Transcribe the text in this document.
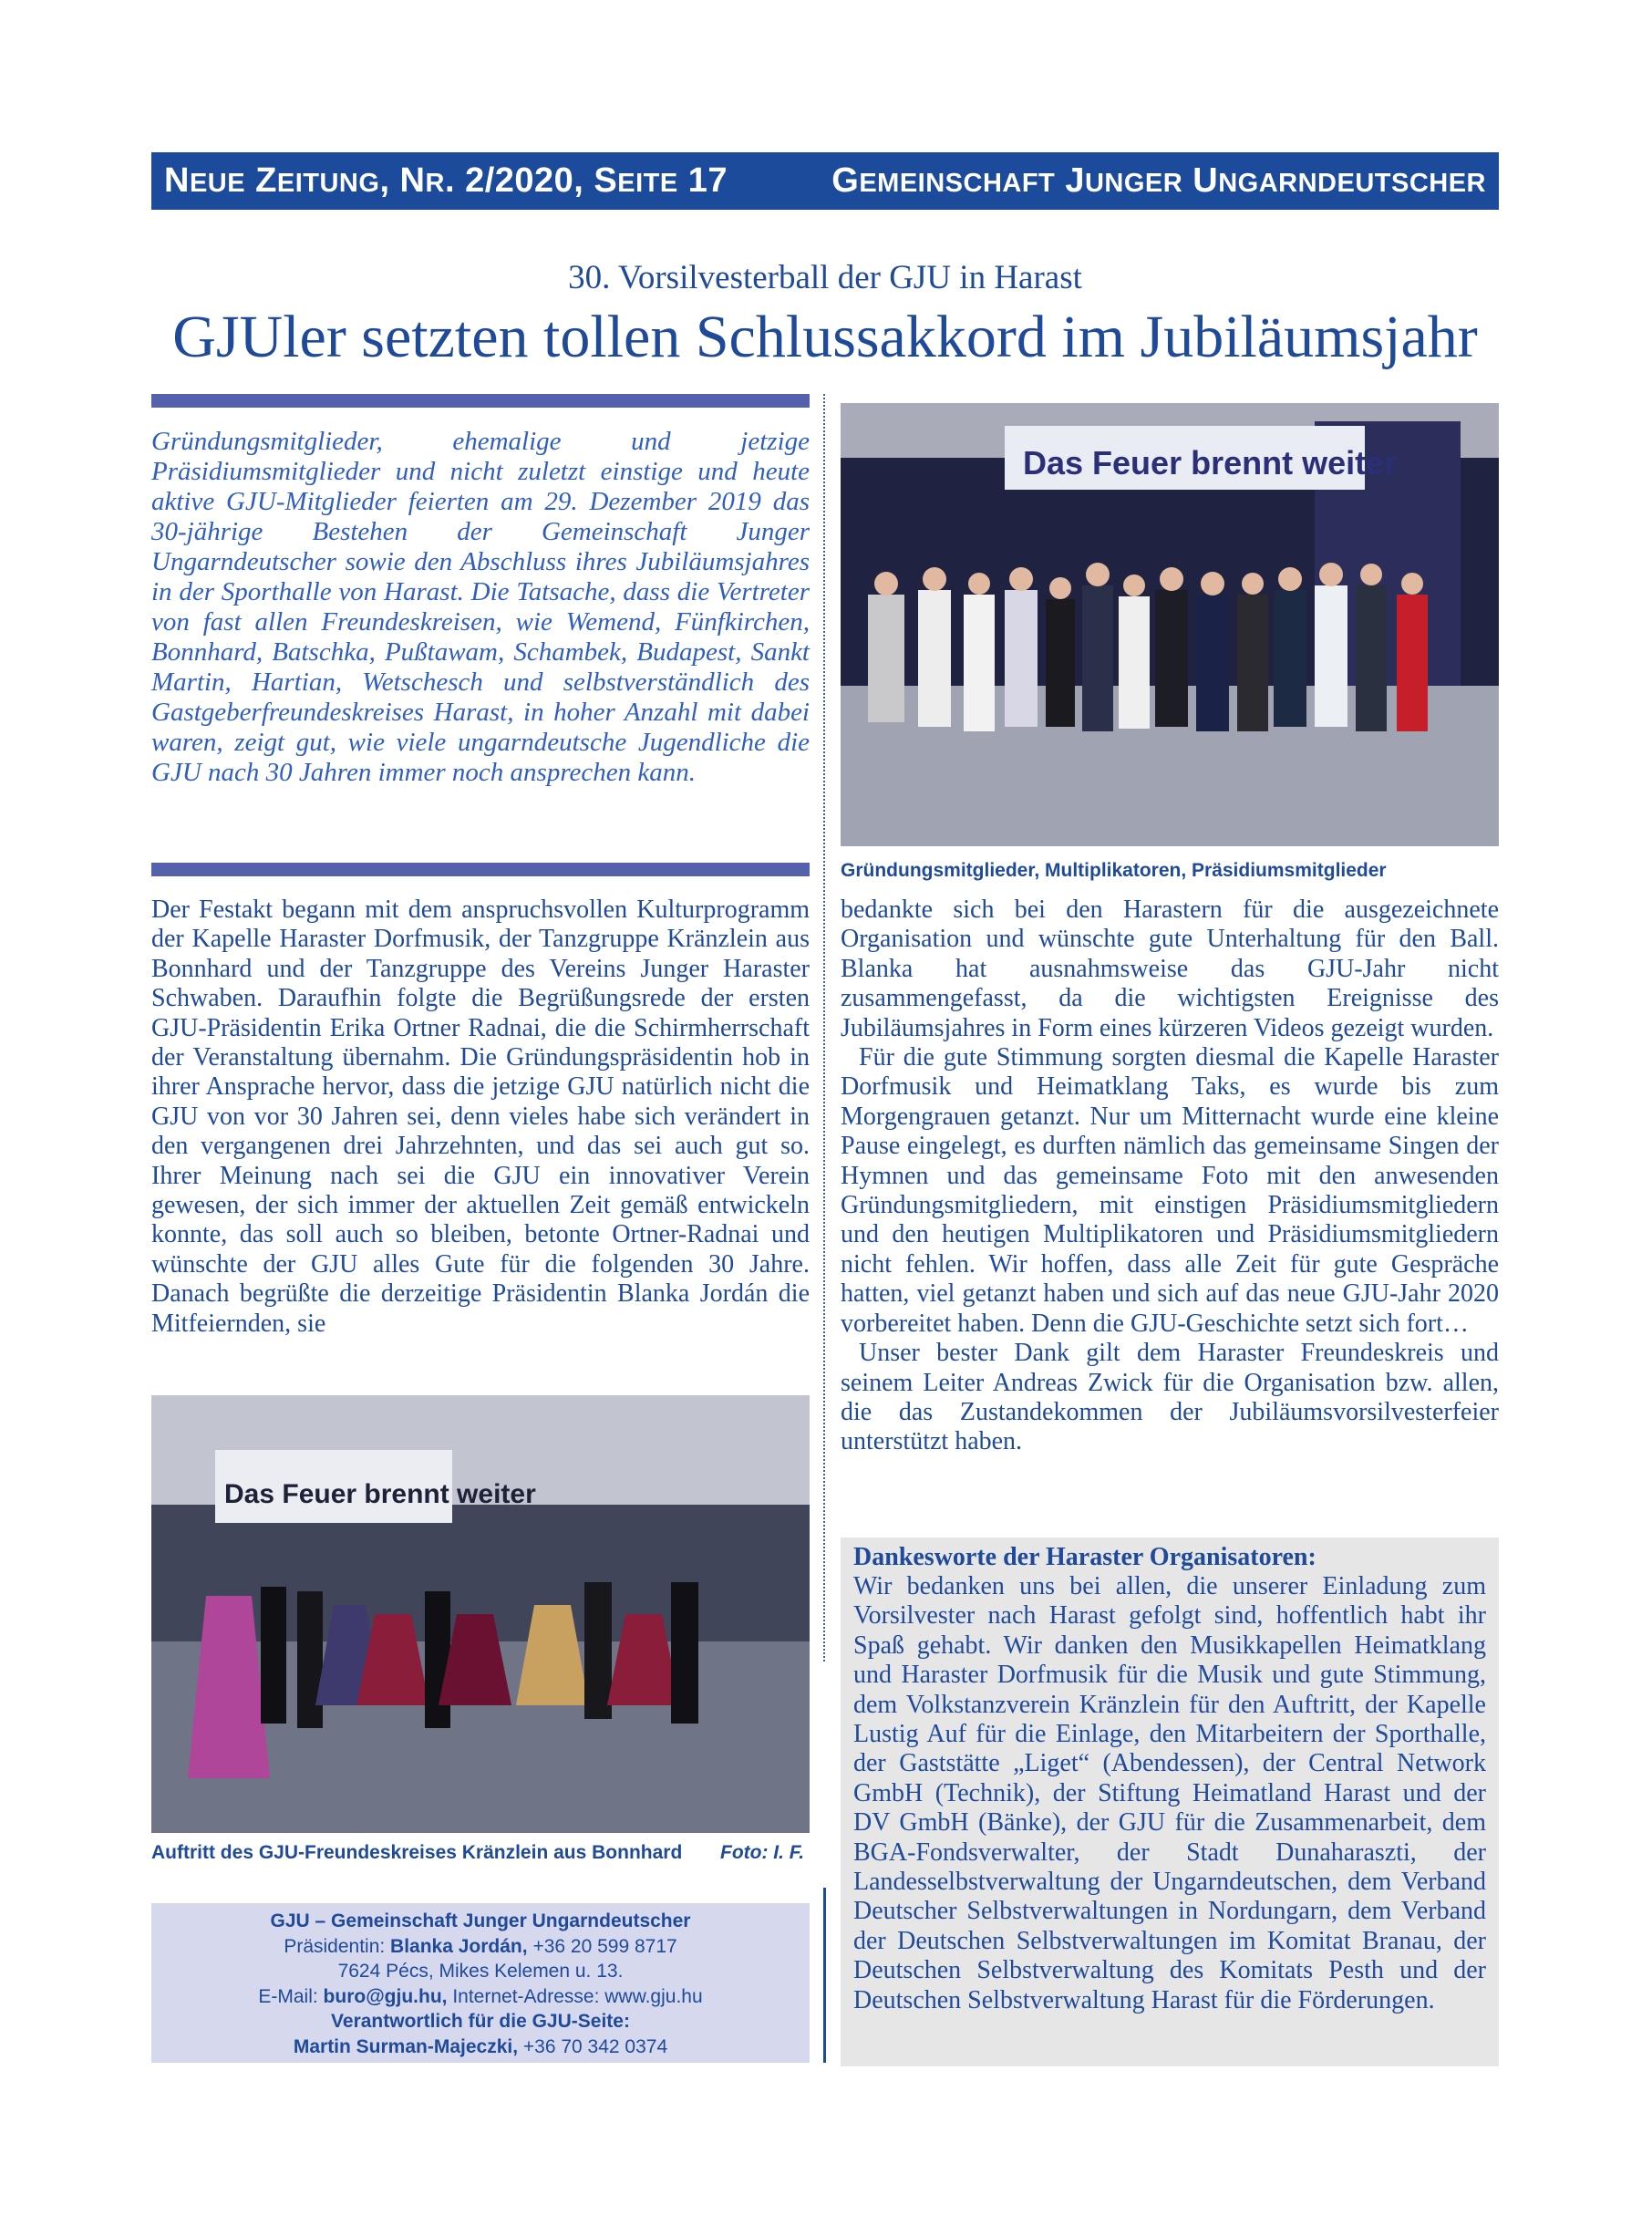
NEUE ZEITUNG, NR. 2/2020, SEITE 17	GEMEINSCHAFT JUNGER UNGARNDEUTSCHER
30. Vorsilvesterball der GJU in Harast
GJUler setzten tollen Schlussakkord im Jubiläumsjahr

Gründungsmitglieder, ehemalige und jetzige Präsidiumsmitglieder und nicht zuletzt einstige und heute aktive GJU-Mitglieder feierten am 29. Dezember 2019 das 30-jährige Bestehen der Gemeinschaft Junger Ungarndeutscher sowie den Abschluss ihres Jubiläumsjahres in der Sporthalle von Harast. Die Tatsache, dass die Vertreter von fast allen Freundeskreisen, wie Wemend, Fünfkirchen, Bonnhard, Batschka, Pußtawam, Schambek, Budapest, Sankt Martin, Hartian, Wetschesch und selbstverständlich des Gastgeberfreundeskreises Harast, in hoher Anzahl mit dabei waren, zeigt gut, wie viele ungarndeutsche Jugendliche die GJU nach 30 Jahren immer noch ansprechen kann.

Das Feuer brennt weiter
Gründungsmitglieder, Multiplikatoren, Präsidiumsmitglieder

Der Festakt begann mit dem anspruchsvollen Kulturprogramm der Kapelle Haraster Dorfmusik, der Tanzgruppe Kränzlein aus Bonnhard und der Tanzgruppe des Vereins Junger Haraster Schwaben. Daraufhin folgte die Begrüßungsrede der ersten GJU-Präsidentin Erika Ortner Radnai, die die Schirmherrschaft der Veranstaltung übernahm. Die Gründungspräsidentin hob in ihrer Ansprache hervor, dass die jetzige GJU natürlich nicht die GJU von vor 30 Jahren sei, denn vieles habe sich verändert in den vergangenen drei Jahrzehnten, und das sei auch gut so. Ihrer Meinung nach sei die GJU ein innovativer Verein gewesen, der sich immer der aktuellen Zeit gemäß entwickeln konnte, das soll auch so bleiben, betonte Ortner-Radnai und wünschte der GJU alles Gute für die folgenden 30 Jahre. Danach begrüßte die derzeitige Präsidentin Blanka Jordán die Mitfeiernden, sie

bedankte sich bei den Harastern für die ausgezeichnete Organisation und wünschte gute Unterhaltung für den Ball. Blanka hat ausnahmsweise das GJU-Jahr nicht zusammengefasst, da die wichtigsten Ereignisse des Jubiläumsjahres in Form eines kürzeren Videos gezeigt wurden.

Für die gute Stimmung sorgten diesmal die Kapelle Haraster Dorfmusik und Heimatklang Taks, es wurde bis zum Morgengrauen getanzt. Nur um Mitternacht wurde eine kleine Pause eingelegt, es durften nämlich das gemeinsame Singen der Hymnen und das gemeinsame Foto mit den anwesenden Gründungsmitgliedern, mit einstigen Präsidiumsmitgliedern und den heutigen Multiplikatoren und Präsidiumsmitgliedern nicht fehlen. Wir hoffen, dass alle Zeit für gute Gespräche hatten, viel getanzt haben und sich auf das neue GJU-Jahr 2020 vorbereitet haben. Denn die GJU-Geschichte setzt sich fort…

Unser bester Dank gilt dem Haraster Freundeskreis und seinem Leiter Andreas Zwick für die Organisation bzw. allen, die das Zustandekommen der Jubiläumsvorsilvesterfeier unterstützt haben.

Das Feuer brennt weiter
Auftritt des GJU-Freundeskreises Kränzlein aus Bonnhard Foto: I. F.
GJU – Gemeinschaft Junger Ungarndeutscher
Präsidentin: Blanka Jordán, +36 20 599 8717
7624 Pécs, Mikes Kelemen u. 13.
E-Mail: buro@gju.hu, Internet-Adresse: www.gju.hu
Verantwortlich für die GJU-Seite:
Martin Surman-Majeczki, +36 70 342 0374

Dankesworte der Haraster Organisatoren:

Wir bedanken uns bei allen, die unserer Einladung zum Vorsilvester nach Harast gefolgt sind, hoffentlich habt ihr Spaß gehabt. Wir danken den Musikkapellen Heimatklang und Haraster Dorfmusik für die Musik und gute Stimmung, dem Volkstanzverein Kränzlein für den Auftritt, der Kapelle Lustig Auf für die Einlage, den Mitarbeitern der Sporthalle, der Gaststätte „Liget“ (Abendessen), der Central Network GmbH (Technik), der Stiftung Heimatland Harast und der DV GmbH (Bänke), der GJU für die Zusammenarbeit, dem BGA-Fondsverwalter, der Stadt Dunaharaszti, der Landesselbstverwaltung der Ungarndeutschen, dem Verband Deutscher Selbstverwaltungen in Nordungarn, dem Verband der Deutschen Selbstverwaltungen im Komitat Branau, der Deutschen Selbstverwaltung des Komitats Pesth und der Deutschen Selbstverwaltung Harast für die Förderungen.
